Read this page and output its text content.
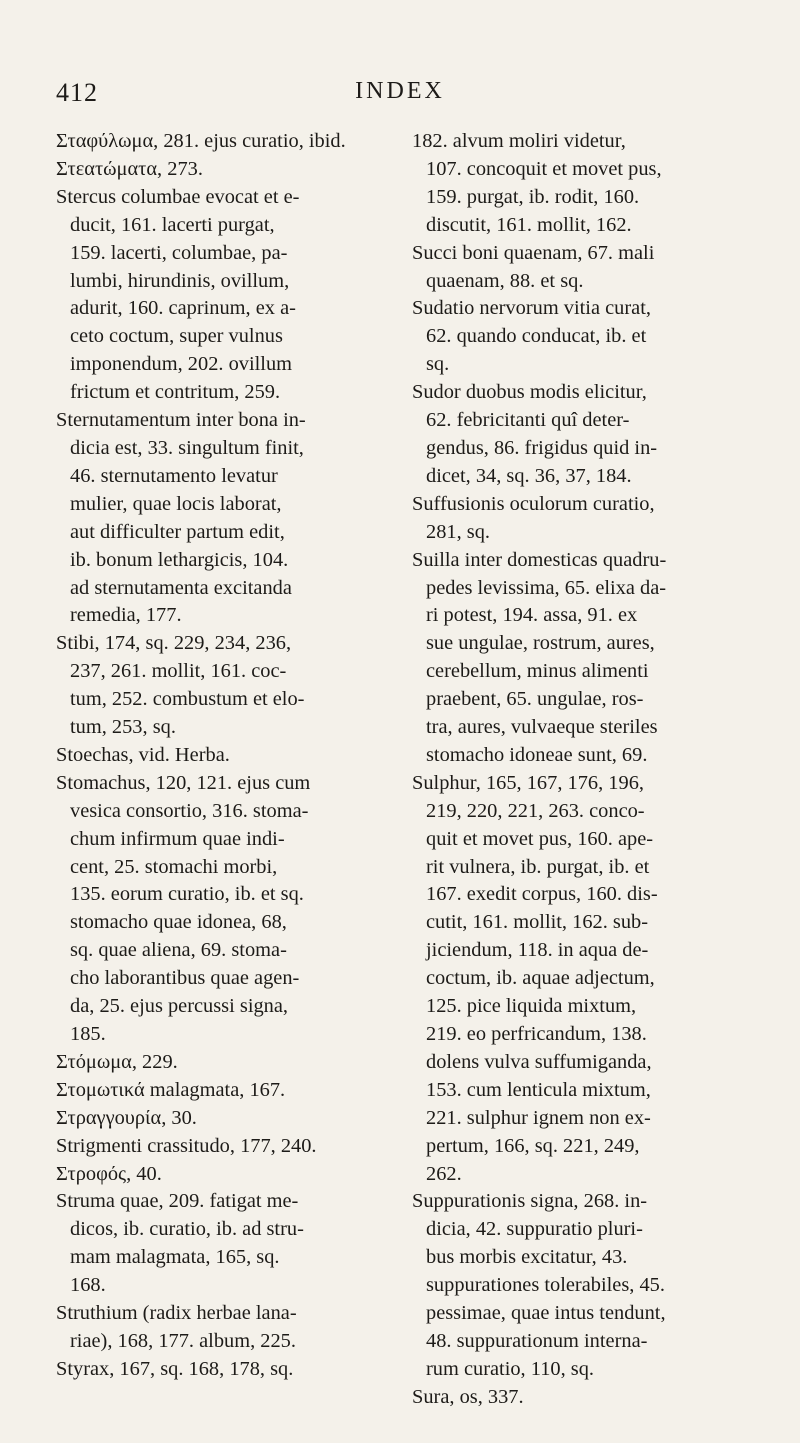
412	INDEX

Σταφύλωμα, 281. ejus curatio, ibid.

Στεατώματα, 273.

Stercus columbae evocat et e-
ducit, 161. lacerti purgat,
159. lacerti, columbae, pa-
lumbi, hirundinis, ovillum,
adurit, 160. caprinum, ex a-
ceto coctum, super vulnus
imponendum, 202. ovillum
frictum et contritum, 259.

Sternutamentum inter bona in-
dicia est, 33. singultum finit,
46. sternutamento levatur
mulier, quae locis laborat,
aut difficulter partum edit,
ib. bonum lethargicis, 104.
ad sternutamenta excitanda
remedia, 177.

Stibi, 174, sq. 229, 234, 236,
237, 261. mollit, 161. coc-
tum, 252. combustum et elo-
tum, 253, sq.

Stoechas, vid. Herba.

Stomachus, 120, 121. ejus cum
vesica consortio, 316. stoma-
chum infirmum quae indi-
cent, 25. stomachi morbi,
135. eorum curatio, ib. et sq.
stomacho quae idonea, 68,
sq. quae aliena, 69. stoma-
cho laborantibus quae agen-
da, 25. ejus percussi signa,
185.

Στόμωμα, 229.

Στομωτικά malagmata, 167.

Στραγγουρία, 30.

Strigmenti crassitudo, 177, 240.

Στροφός, 40.

Struma quae, 209. fatigat me-
dicos, ib. curatio, ib. ad stru-
mam malagmata, 165, sq.
168.

Struthium (radix herbae lana-
riae), 168, 177. album, 225.

Styrax, 167, sq. 168, 178, sq.

182. alvum moliri videtur,
107. concoquit et movet pus,
159. purgat, ib. rodit, 160.
discutit, 161. mollit, 162.

Succi boni quaenam, 67. mali
quaenam, 88. et sq.

Sudatio nervorum vitia curat,
62. quando conducat, ib. et
sq.

Sudor duobus modis elicitur,
62. febricitanti quî deter-
gendus, 86. frigidus quid in-
dicet, 34, sq. 36, 37, 184.

Suffusionis oculorum curatio,
281, sq.

Suilla inter domesticas quadru-
pedes levissima, 65. elixa da-
ri potest, 194. assa, 91. ex
sue ungulae, rostrum, aures,
cerebellum, minus alimenti
praebent, 65. ungulae, ros-
tra, aures, vulvaeque steriles
stomacho idoneae sunt, 69.

Sulphur, 165, 167, 176, 196,
219, 220, 221, 263. conco-
quit et movet pus, 160. ape-
rit vulnera, ib. purgat, ib. et
167. exedit corpus, 160. dis-
cutit, 161. mollit, 162. sub-
jiciendum, 118. in aqua de-
coctum, ib. aquae adjectum,
125. pice liquida mixtum,
219. eo perfricandum, 138.
dolens vulva suffumiganda,
153. cum lenticula mixtum,
221. sulphur ignem non ex-
pertum, 166, sq. 221, 249,
262.

Suppurationis signa, 268. in-
dicia, 42. suppuratio pluri-
bus morbis excitatur, 43.
suppurationes tolerabiles, 45.
pessimae, quae intus tendunt,
48. suppurationum interna-
rum curatio, 110, sq.

Sura, os, 337.
